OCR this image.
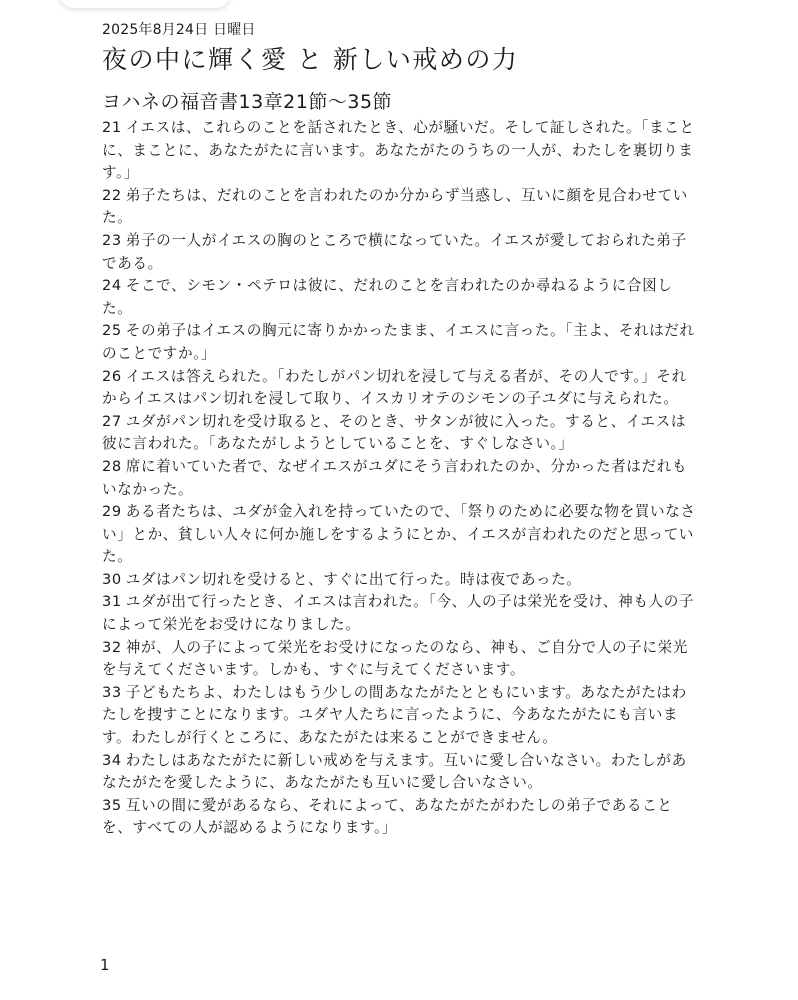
2025年8月24日 日曜日
夜の中に輝く愛 と 新しい戒めの力
ヨハネの福音書13章21節〜35節
21 イエスは、これらのことを話されたとき、心が騒いだ。そして証しされた。「まことに、まことに、あなたがたに言います。あなたがたのうちの一人が、わたしを裏切ります。」
22 弟子たちは、だれのことを言われたのか分からず当惑し、互いに顔を見合わせていた。
23 弟子の一人がイエスの胸のところで横になっていた。イエスが愛しておられた弟子である。
24 そこで、シモン・ペテロは彼に、だれのことを言われたのか尋ねるように合図した。
25 その弟子はイエスの胸元に寄りかかったまま、イエスに言った。「主よ、それはだれのことですか。」
26 イエスは答えられた。「わたしがパン切れを浸して与える者が、その人です。」それからイエスはパン切れを浸して取り、イスカリオテのシモンの子ユダに与えられた。
27 ユダがパン切れを受け取ると、そのとき、サタンが彼に入った。すると、イエスは彼に言われた。「あなたがしようとしていることを、すぐしなさい。」
28 席に着いていた者で、なぜイエスがユダにそう言われたのか、分かった者はだれもいなかった。
29 ある者たちは、ユダが金入れを持っていたので、「祭りのために必要な物を買いなさい」とか、貧しい人々に何か施しをするようにとか、イエスが言われたのだと思っていた。
30 ユダはパン切れを受けると、すぐに出て行った。時は夜であった。
31 ユダが出て行ったとき、イエスは言われた。「今、人の子は栄光を受け、神も人の子によって栄光をお受けになりました。
32 神が、人の子によって栄光をお受けになったのなら、神も、ご自分で人の子に栄光を与えてくださいます。しかも、すぐに与えてくださいます。
33 子どもたちよ、わたしはもう少しの間あなたがたとともにいます。あなたがたはわたしを捜すことになります。ユダヤ人たちに言ったように、今あなたがたにも言います。わたしが行くところに、あなたがたは来ることができません。
34 わたしはあなたがたに新しい戒めを与えます。互いに愛し合いなさい。わたしがあなたがたを愛したように、あなたがたも互いに愛し合いなさい。
35 互いの間に愛があるなら、それによって、あなたがたがわたしの弟子であることを、すべての人が認めるようになります。」
1
